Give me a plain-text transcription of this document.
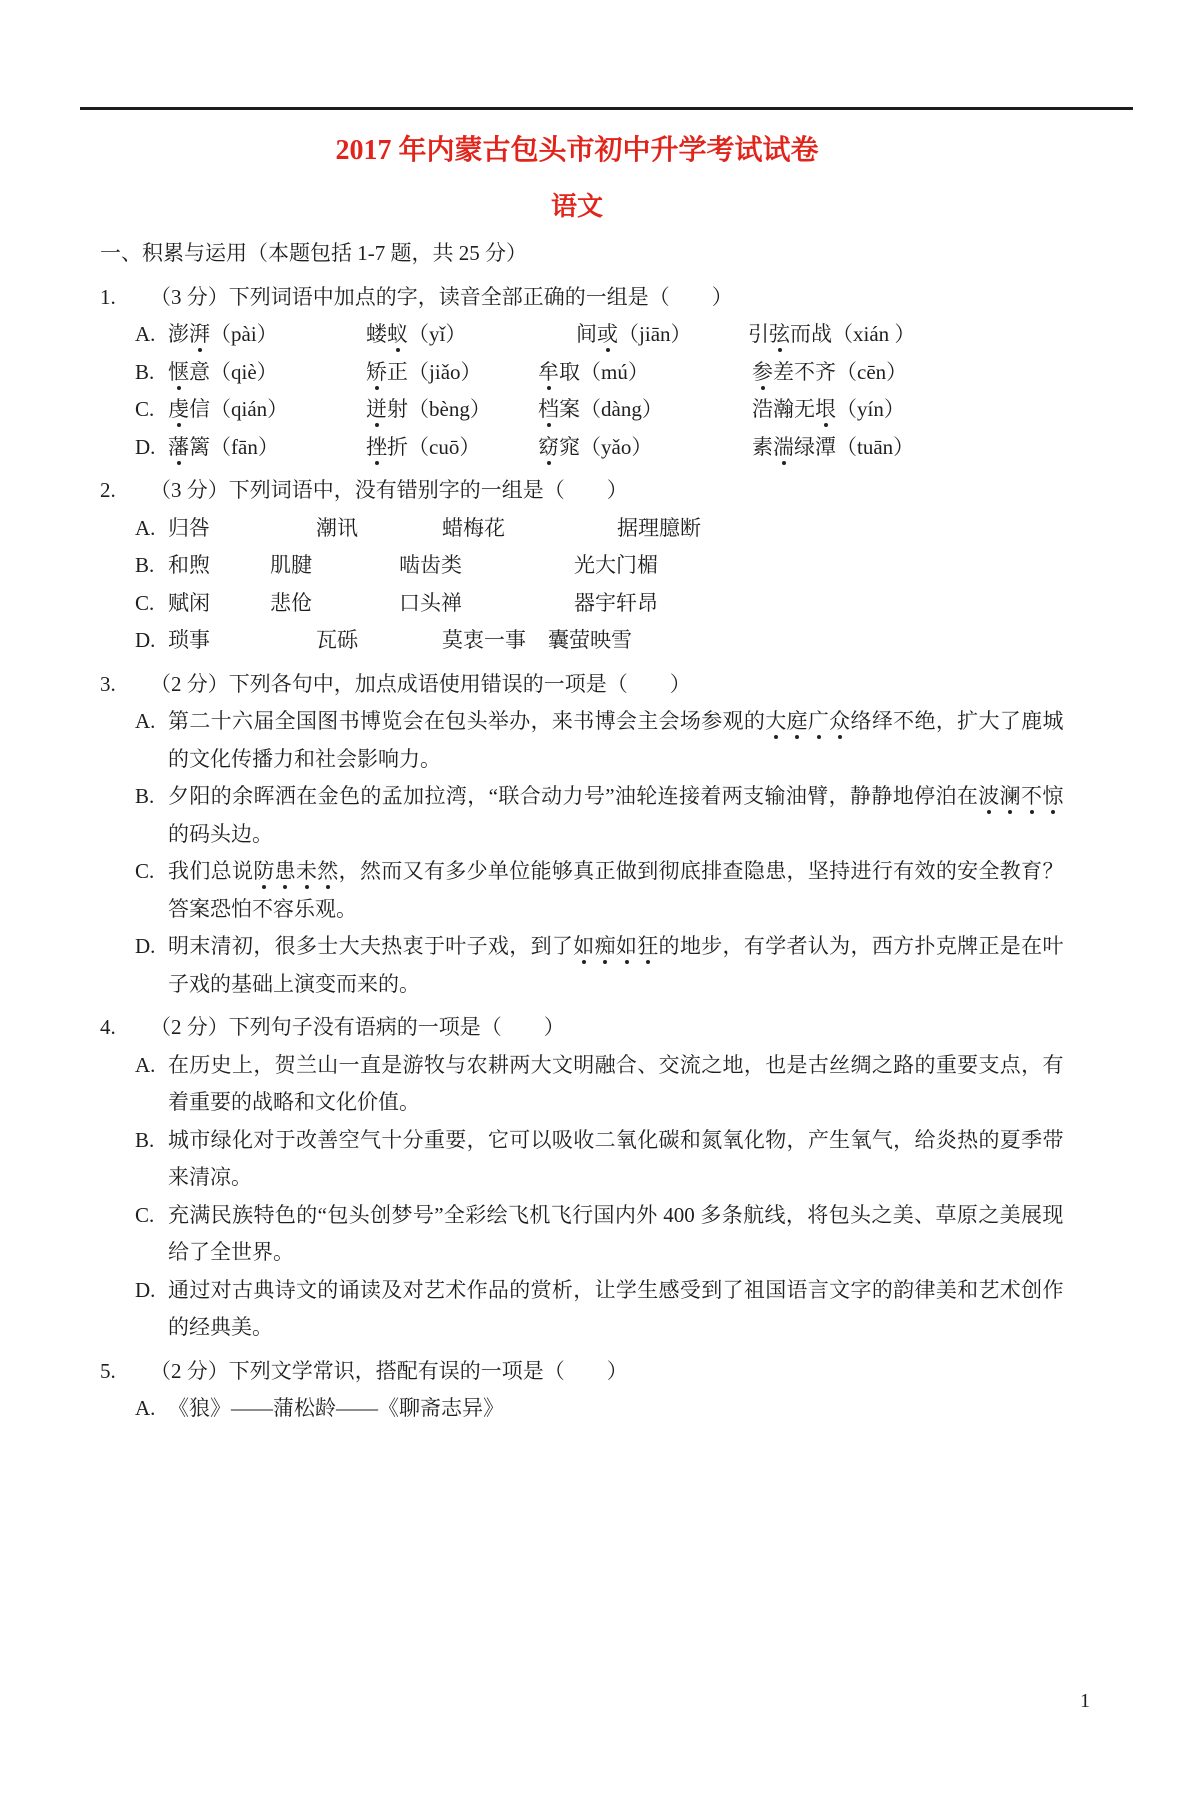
2017 年内蒙古包头市初中升学考试试卷
语文
一、积累与运用（本题包括 1-7 题，共 25 分）
1.	（3 分）下列词语中加点的字，读音全部正确的一组是（　　）
A. 澎湃（pài）	蝼蚁（yǐ）	间或（jiān）	引弦而战（xián ）
B. 惬意（qiè）	矫正（jiǎo）	牟取（mú）	参差不齐（cēn）
C. 虔信（qián）	迸射（bèng）	档案（dàng）	浩瀚无垠（yín）
D. 藩篱（fān）	挫折（cuō）	窈窕（yǎo）	素湍绿潭（tuān）
2.	（3 分）下列词语中，没有错别字的一组是（　　）
A. 归咎	潮讯	蜡梅花	据理臆断
B. 和煦	肌腱	啮齿类	光大门楣
C. 赋闲	悲伧	口头禅	器宇轩昂
D. 琐事	瓦砾	莫衷一事	囊萤映雪
3.	（2 分）下列各句中，加点成语使用错误的一项是（　　）
A. 第二十六届全国图书博览会在包头举办，来书博会主会场参观的大庭广众络绎不绝，扩大了鹿城的文化传播力和社会影响力。
B. 夕阳的余晖洒在金色的孟加拉湾，“联合动力号”油轮连接着两支输油臂，静静地停泊在波澜不惊的码头边。
C. 我们总说防患未然，然而又有多少单位能够真正做到彻底排查隐患，坚持进行有效的安全教育？答案恐怕不容乐观。
D. 明末清初，很多士大夫热衷于叶子戏，到了如痴如狂的地步，有学者认为，西方扑克牌正是在叶子戏的基础上演变而来的。
4.	（2 分）下列句子没有语病的一项是（　　）
A. 在历史上，贺兰山一直是游牧与农耕两大文明融合、交流之地，也是古丝绸之路的重要支点，有着重要的战略和文化价值。
B. 城市绿化对于改善空气十分重要，它可以吸收二氧化碳和氮氧化物，产生氧气，给炎热的夏季带来清凉。
C. 充满民族特色的“包头创梦号”全彩绘飞机飞行国内外 400 多条航线，将包头之美、草原之美展现给了全世界。
D. 通过对古典诗文的诵读及对艺术作品的赏析，让学生感受到了祖国语言文字的韵律美和艺术创作的经典美。
5.	（2 分）下列文学常识，搭配有误的一项是（　　）
A. 《狼》——蒲松龄——《聊斋志异》
1
